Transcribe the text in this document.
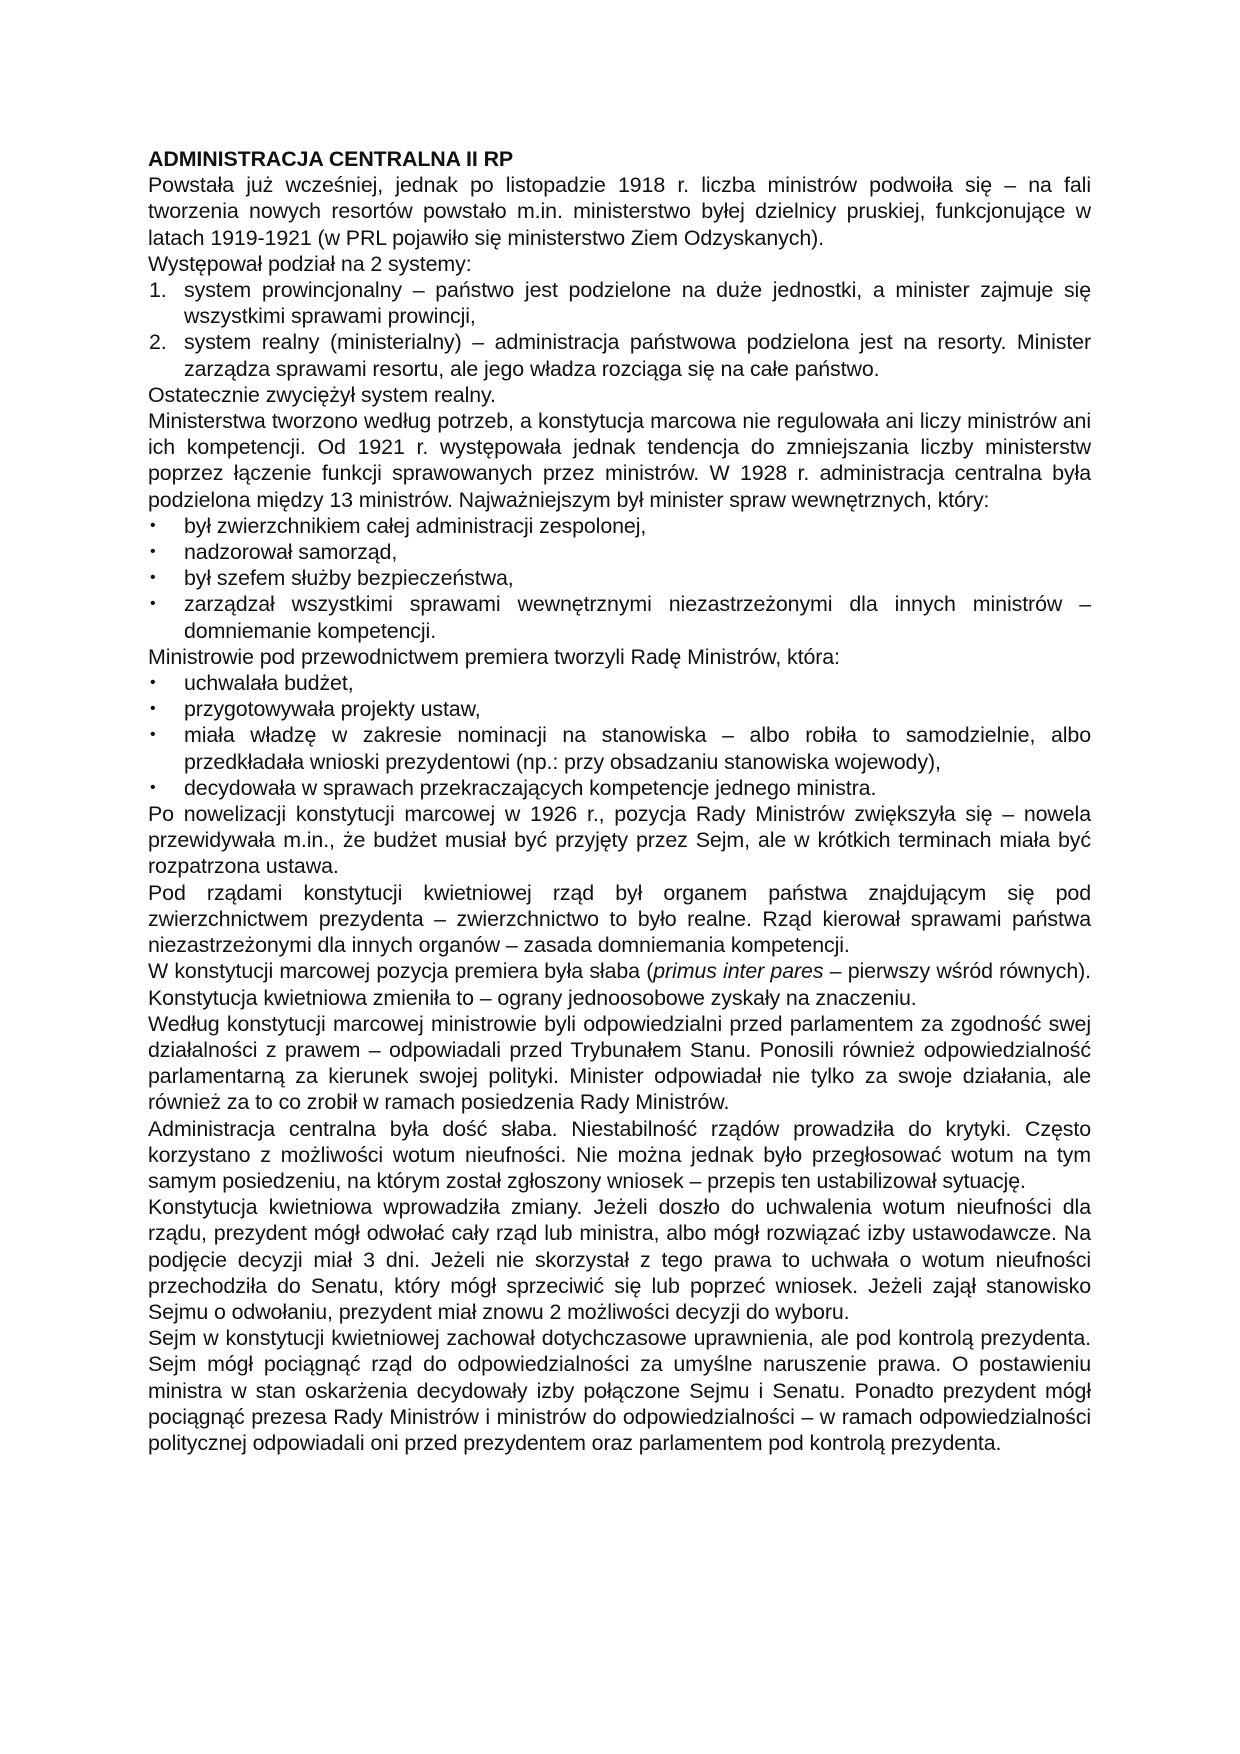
ADMINISTRACJA CENTRALNA II RP

Powstała już wcześniej, jednak po listopadzie 1918 r. liczba ministrów podwoiła się – na fali tworzenia nowych resortów powstało m.in. ministerstwo byłej dzielnicy pruskiej, funkcjonujące w latach 1919-1921 (w PRL pojawiło się ministerstwo Ziem Odzyskanych).

Występował podział na 2 systemy:

1. system prowincjonalny – państwo jest podzielone na duże jednostki, a minister zajmuje się wszystkimi sprawami prowincji,
2. system realny (ministerialny) – administracja państwowa podzielona jest na resorty. Minister zarządza sprawami resortu, ale jego władza rozciąga się na całe państwo.

Ostatecznie zwyciężył system realny.

Ministerstwa tworzono według potrzeb, a konstytucja marcowa nie regulowała ani liczy ministrów ani ich kompetencji. Od 1921 r. występowała jednak tendencja do zmniejszania liczby ministerstw poprzez łączenie funkcji sprawowanych przez ministrów. W 1928 r. administracja centralna była podzielona między 13 ministrów. Najważniejszym był minister spraw wewnętrznych, który:

• był zwierzchnikiem całej administracji zespolonej,
• nadzorował samorząd,
• był szefem służby bezpieczeństwa,
• zarządzał wszystkimi sprawami wewnętrznymi niezastrzeżonymi dla innych ministrów – domniemanie kompetencji.

Ministrowie pod przewodnictwem premiera tworzyli Radę Ministrów, która:

• uchwalała budżet,
• przygotowywała projekty ustaw,
• miała władzę w zakresie nominacji na stanowiska – albo robiła to samodzielnie, albo przedkładała wnioski prezydentowi (np.: przy obsadzaniu stanowiska wojewody),
• decydowała w sprawach przekraczających kompetencje jednego ministra.

Po nowelizacji konstytucji marcowej w 1926 r., pozycja Rady Ministrów zwiększyła się – nowela przewidywała m.in., że budżet musiał być przyjęty przez Sejm, ale w krótkich terminach miała być rozpatrzona ustawa.

Pod rządami konstytucji kwietniowej rząd był organem państwa znajdującym się pod zwierzchnictwem prezydenta – zwierzchnictwo to było realne. Rząd kierował sprawami państwa niezastrzeżonymi dla innych organów – zasada domniemania kompetencji.

W konstytucji marcowej pozycja premiera była słaba (primus inter pares – pierwszy wśród równych). Konstytucja kwietniowa zmieniła to – ograny jednoosobowe zyskały na znaczeniu.

Według konstytucji marcowej ministrowie byli odpowiedzialni przed parlamentem za zgodność swej działalności z prawem – odpowiadali przed Trybunałem Stanu. Ponosili również odpowiedzialność parlamentarną za kierunek swojej polityki. Minister odpowiadał nie tylko za swoje działania, ale również za to co zrobił w ramach posiedzenia Rady Ministrów.

Administracja centralna była dość słaba. Niestabilność rządów prowadziła do krytyki. Często korzystano z możliwości wotum nieufności. Nie można jednak było przegłosować wotum na tym samym posiedzeniu, na którym został zgłoszony wniosek – przepis ten ustabilizował sytuację.

Konstytucja kwietniowa wprowadziła zmiany. Jeżeli doszło do uchwalenia wotum nieufności dla rządu, prezydent mógł odwołać cały rząd lub ministra, albo mógł rozwiązać izby ustawodawcze. Na podjęcie decyzji miał 3 dni. Jeżeli nie skorzystał z tego prawa to uchwała o wotum nieufności przechodziła do Senatu, który mógł sprzeciwić się lub poprzeć wniosek. Jeżeli zajął stanowisko Sejmu o odwołaniu, prezydent miał znowu 2 możliwości decyzji do wyboru.

Sejm w konstytucji kwietniowej zachował dotychczasowe uprawnienia, ale pod kontrolą prezydenta. Sejm mógł pociągnąć rząd do odpowiedzialności za umyślne naruszenie prawa. O postawieniu ministra w stan oskarżenia decydowały izby połączone Sejmu i Senatu. Ponadto prezydent mógł pociągnąć prezesa Rady Ministrów i ministrów do odpowiedzialności – w ramach odpowiedzialności politycznej odpowiadali oni przed prezydentem oraz parlamentem pod kontrolą prezydenta.
